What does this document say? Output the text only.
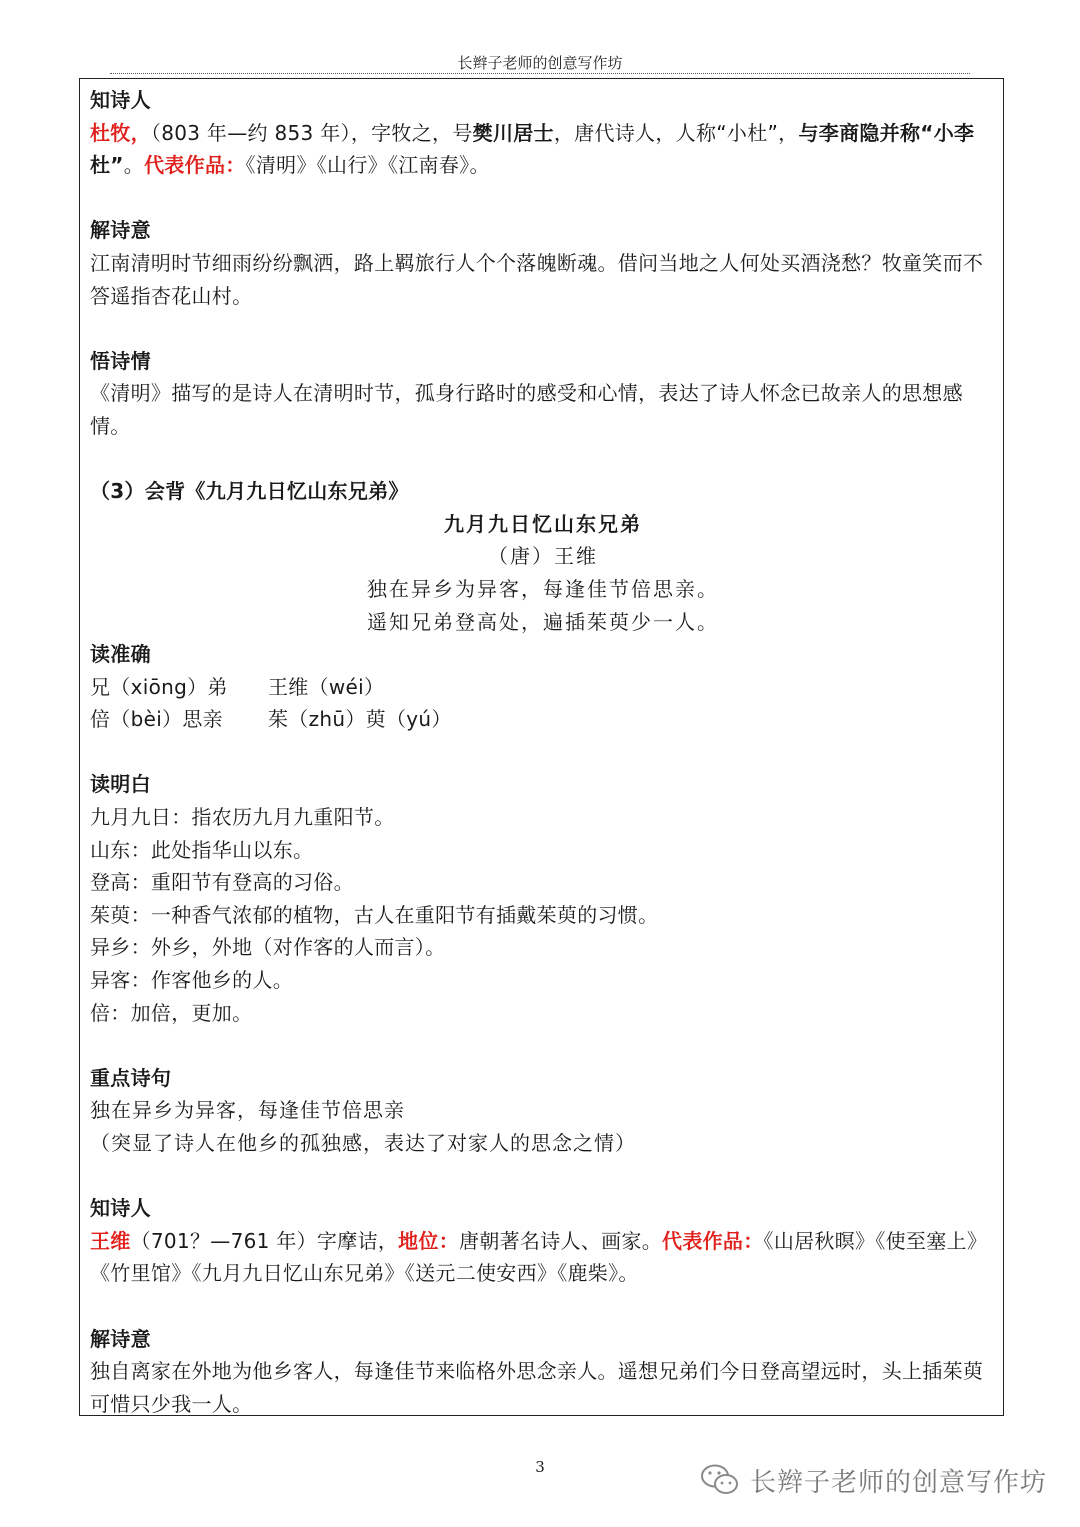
长辫子老师的创意写作坊

知诗人

杜牧，（803 年—约 853 年），字牧之，号樊川居士，唐代诗人，人称“小杜”，与李商隐并称“小李杜”。代表作品：《清明》《山行》《江南春》。

解诗意

江南清明时节细雨纷纷飘洒，路上羁旅行人个个落魄断魂。借问当地之人何处买酒浇愁？牧童笑而不答遥指杏花山村。

悟诗情

《清明》描写的是诗人在清明时节，孤身行路时的感受和心情，表达了诗人怀念已故亲人的思想感情。

（3）会背《九月九日忆山东兄弟》

九月九日忆山东兄弟

（唐）王维

独在异乡为异客，每逢佳节倍思亲。

遥知兄弟登高处，遍插茱萸少一人。

读准确

兄（xiōng）弟 王维（wéi）

倍（bèi）思亲 茱（zhū）萸（yú）

读明白

九月九日：指农历九月九重阳节。

山东：此处指华山以东。

登高：重阳节有登高的习俗。

茱萸：一种香气浓郁的植物，古人在重阳节有插戴茱萸的习惯。

异乡：外乡，外地（对作客的人而言）。

异客：作客他乡的人。

倍：加倍，更加。

重点诗句

独在异乡为异客，每逢佳节倍思亲

（突显了诗人在他乡的孤独感，表达了对家人的思念之情）

知诗人

王维（701？—761 年）字摩诘，地位：唐朝著名诗人、画家。代表作品：《山居秋暝》《使至塞上》《竹里馆》《九月九日忆山东兄弟》《送元二使安西》《鹿柴》。

解诗意

独自离家在外地为他乡客人，每逢佳节来临格外思念亲人。遥想兄弟们今日登高望远时，头上插茱萸可惜只少我一人。

3
长辫子老师的创意写作坊
